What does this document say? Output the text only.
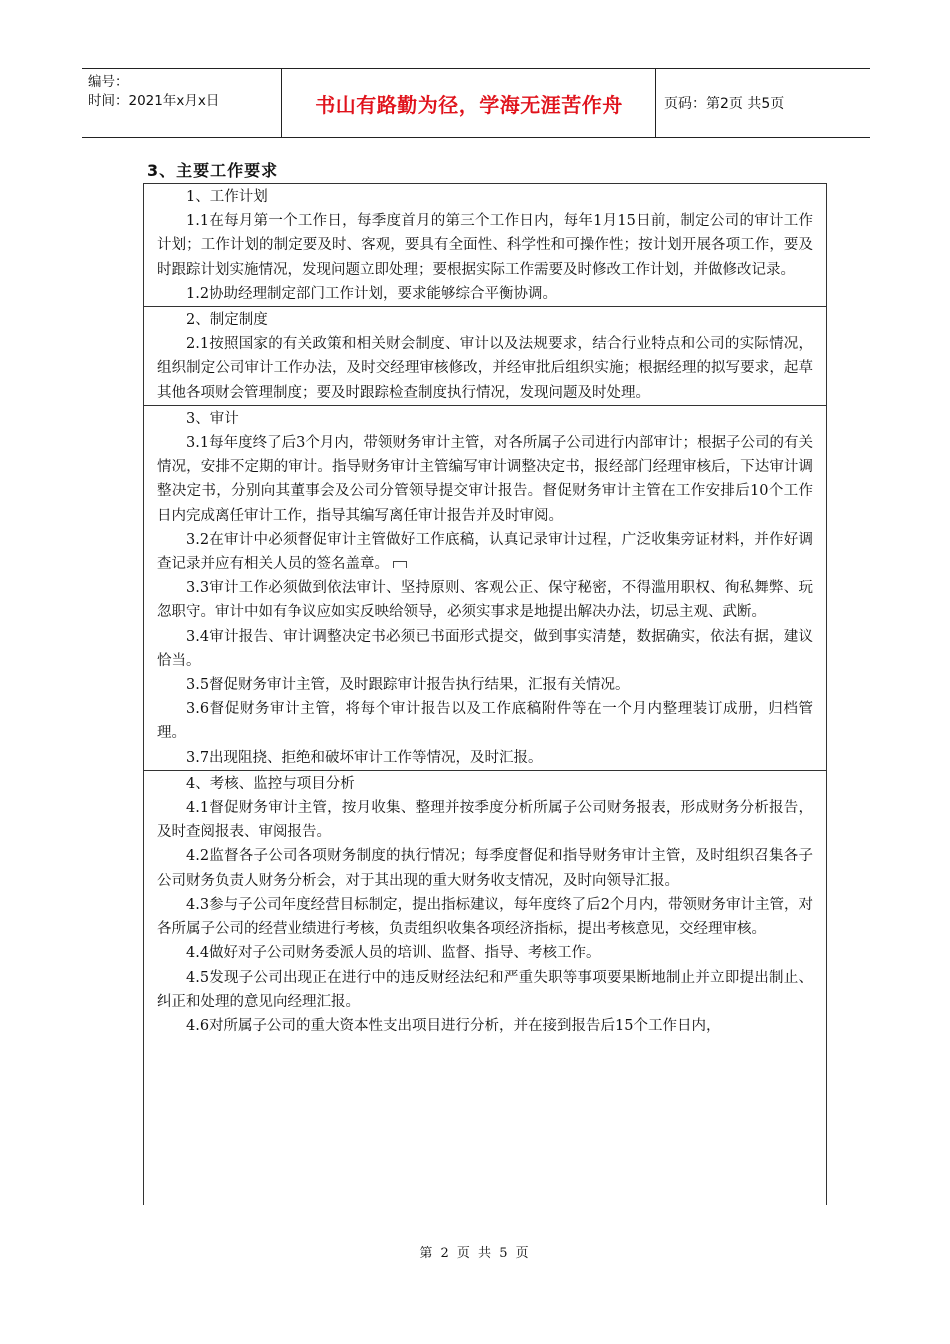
编号：
时间：2021年x月x日	书山有路勤为径，学海无涯苦作舟	页码：第2页 共5页
3、主要工作要求
1、工作计划
1.1在每月第一个工作日，每季度首月的第三个工作日内，每年1月15日前，制定公司的审计工作计划；工作计划的制定要及时、客观，要具有全面性、科学性和可操作性；按计划开展各项工作，要及时跟踪计划实施情况，发现问题立即处理；要根据实际工作需要及时修改工作计划，并做修改记录。
1.2协助经理制定部门工作计划，要求能够综合平衡协调。
2、制定制度
2.1按照国家的有关政策和相关财会制度、审计以及法规要求，结合行业特点和公司的实际情况，组织制定公司审计工作办法，及时交经理审核修改，并经审批后组织实施；根据经理的拟写要求，起草其他各项财会管理制度；要及时跟踪检查制度执行情况，发现问题及时处理。
3、审计
3.1每年度终了后3个月内，带领财务审计主管，对各所属子公司进行内部审计；根据子公司的有关情况，安排不定期的审计。指导财务审计主管编写审计调整决定书，报经部门经理审核后，下达审计调整决定书，分别向其董事会及公司分管领导提交审计报告。督促财务审计主管在工作安排后10个工作日内完成离任审计工作，指导其编写离任审计报告并及时审阅。
3.2在审计中必须督促审计主管做好工作底稿，认真记录审计过程，广泛收集旁证材料，并作好调查记录并应有相关人员的签名盖章。
3.3审计工作必须做到依法审计、坚持原则、客观公正、保守秘密，不得滥用职权、徇私舞弊、玩忽职守。审计中如有争议应如实反映给领导，必须实事求是地提出解决办法，切忌主观、武断。
3.4审计报告、审计调整决定书必须已书面形式提交，做到事实清楚，数据确实，依法有据，建议恰当。
3.5督促财务审计主管，及时跟踪审计报告执行结果，汇报有关情况。
3.6督促财务审计主管，将每个审计报告以及工作底稿附件等在一个月内整理装订成册，归档管理。
3.7出现阻挠、拒绝和破坏审计工作等情况，及时汇报。
4、考核、监控与项目分析
4.1督促财务审计主管，按月收集、整理并按季度分析所属子公司财务报表，形成财务分析报告，及时查阅报表、审阅报告。
4.2监督各子公司各项财务制度的执行情况；每季度督促和指导财务审计主管，及时组织召集各子公司财务负责人财务分析会，对于其出现的重大财务收支情况，及时向领导汇报。
4.3参与子公司年度经营目标制定，提出指标建议，每年度终了后2个月内，带领财务审计主管，对各所属子公司的经营业绩进行考核，负责组织收集各项经济指标，提出考核意见，交经理审核。
4.4做好对子公司财务委派人员的培训、监督、指导、考核工作。
4.5发现子公司出现正在进行中的违反财经法纪和严重失职等事项要果断地制止并立即提出制止、纠正和处理的意见向经理汇报。
4.6对所属子公司的重大资本性支出项目进行分析，并在接到报告后15个工作日内，
第 2 页 共 5 页
